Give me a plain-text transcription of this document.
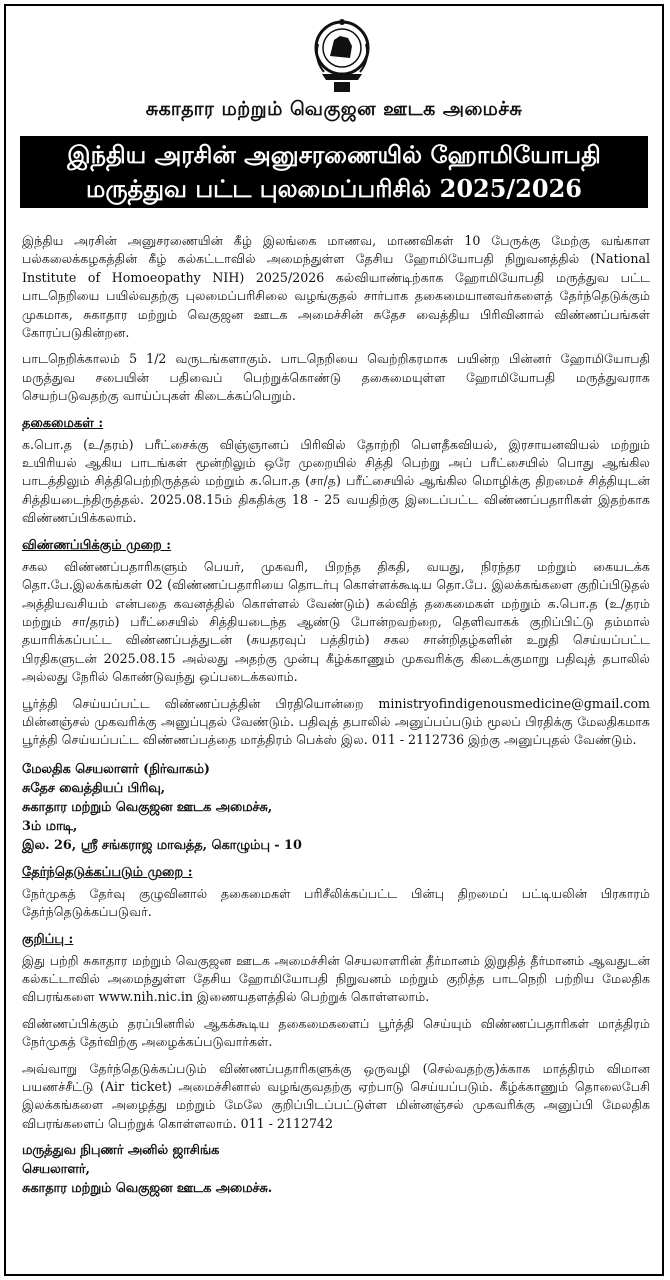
சுகாதார மற்றும் வெகுஜன ஊடக அமைச்சு
இந்திய அரசின் அனுசரணையில் ஹோமியோபதி
மருத்துவ பட்ட புலமைப்பரிசில் 2025/2026

இந்திய அரசின் அனுசரணையின் கீழ் இலங்கை மாணவ, மாணவிகள் 10 பேருக்கு மேற்கு வங்காள பல்கலைக்கழகத்தின் கீழ் கல்கட்டாவில் அமைந்துள்ள தேசிய ஹோமியோபதி நிறுவனத்தில் (National Institute of Homoeopathy NIH) 2025/2026 கல்வியாண்டிற்காக ஹோமியோபதி மருத்துவ பட்ட பாடநெறியை பயில்வதற்கு புலமைப்பரிசிலை வழங்குதல் சார்பாக தகைமையானவர்களைத் தேர்ந்தெடுக்கும் முகமாக, சுகாதார மற்றும் வெகுஜன ஊடக அமைச்சின் சுதேச வைத்திய பிரிவினால் விண்ணப்பங்கள் கோரப்படுகின்றன.

பாடநெறிக்காலம் 5 1/2 வருடங்களாகும். பாடநெறியை வெற்றிகரமாக பயின்ற பின்னர் ஹோமியோபதி மருத்துவ சபையின் பதிவைப் பெற்றுக்கொண்டு தகைமையுள்ள ஹோமியோபதி மருத்துவராக செயற்படுவதற்கு வாய்ப்புகள் கிடைக்கப்பெறும்.

தகைமைகள் :

க.பொ.த (உ/தரம்) பரீட்சைக்கு விஞ்ஞானப் பிரிவில் தோற்றி பௌதீகவியல், இரசாயனவியல் மற்றும் உயிரியல் ஆகிய பாடங்கள் மூன்றிலும் ஒரே முறையில் சித்தி பெற்று அப் பரீட்சையில் பொது ஆங்கில பாடத்திலும் சித்திபெற்றிருத்தல் மற்றும் க.பொ.த (சா/த) பரீட்சையில் ஆங்கில மொழிக்கு திறமைச் சித்தியுடன் சித்தியடைந்திருத்தல். 2025.08.15ம் திகதிக்கு 18 - 25 வயதிற்கு இடைப்பட்ட விண்ணப்பதாரிகள் இதற்காக விண்ணப்பிக்கலாம்.

விண்ணப்பிக்கும் முறை :

சகல விண்ணப்பதாரிகளும் பெயர், முகவரி, பிறந்த திகதி, வயது, நிரந்தர மற்றும் கையடக்க தொ.பே.இலக்கங்கள் 02 (விண்ணப்பதாரியை தொடர்பு கொள்ளக்கூடிய தொ.பே. இலக்கங்களை குறிப்பிடுதல் அத்தியவசியம் என்பதை கவனத்தில் கொள்ளல் வேண்டும்) கல்வித் தகைமைகள் மற்றும் க.பொ.த (உ/தரம் மற்றும் சா/தரம்) பரீட்சையில் சித்தியடைந்த ஆண்டு போன்றவற்றை, தெளிவாகக் குறிப்பிட்டு தம்மால் தயாரிக்கப்பட்ட விண்ணப்பத்துடன் (சுயதரவுப் பத்திரம்) சகல சான்றிதழ்களின் உறுதி செய்யப்பட்ட பிரதிகளுடன் 2025.08.15 அல்லது அதற்கு முன்பு கீழ்க்காணும் முகவரிக்கு கிடைக்குமாறு பதிவுத் தபாலில் அல்லது நேரில் கொண்டுவந்து ஒப்படைக்கலாம்.

பூர்த்தி செய்யப்பட்ட விண்ணப்பத்தின் பிரதியொன்றை ministryofindigenousmedicine@gmail.com மின்னஞ்சல் முகவரிக்கு அனுப்புதல் வேண்டும். பதிவுத் தபாலில் அனுப்பப்படும் மூலப் பிரதிக்கு மேலதிகமாக பூர்த்தி செய்யப்பட்ட விண்ணப்பத்தை மாத்திரம் பெக்ஸ் இல. 011 - 2112736 இற்கு அனுப்புதல் வேண்டும்.

மேலதிக செயலாளர் (நிர்வாகம்)
சுதேச வைத்தியப் பிரிவு,
சுகாதார மற்றும் வெகுஜன ஊடக அமைச்சு,
3ம் மாடி,
இல. 26, ஸ்ரீ சங்கராஜ மாவத்த, கொழும்பு - 10
தேர்ந்தெடுக்கப்படும் முறை :

நேர்முகத் தேர்வு குழுவினால் தகைமைகள் பரிசீலிக்கப்பட்ட பின்பு திறமைப் பட்டியலின் பிரகாரம் தேர்ந்தெடுக்கப்படுவர்.

குறிப்பு :

இது பற்றி சுகாதார மற்றும் வெகுஜன ஊடக அமைச்சின் செயலாளரின் தீர்மானம் இறுதித் தீர்மானம் ஆவதுடன் கல்கட்டாவில் அமைந்துள்ள தேசிய ஹோமியோபதி நிறுவனம் மற்றும் குறித்த பாடநெறி பற்றிய மேலதிக விபரங்களை www.nih.nic.in இணையதளத்தில் பெற்றுக் கொள்ளலாம்.

விண்ணப்பிக்கும் தரப்பினரில் ஆகக்கூடிய தகைமைகளைப் பூர்த்தி செய்யும் விண்ணப்பதாரிகள் மாத்திரம் நேர்முகத் தேர்விற்கு அழைக்கப்படுவார்கள்.

அவ்வாறு தேர்ந்தெடுக்கப்படும் விண்ணப்பதாரிகளுக்கு ஒருவழி (செல்வதற்கு)க்காக மாத்திரம் விமான பயணச்சீட்டு (Air ticket) அமைச்சினால் வழங்குவதற்கு ஏற்பாடு செய்யப்படும். கீழ்க்காணும் தொலைபேசி இலக்கங்களை அழைத்து மற்றும் மேலே குறிப்பிடப்பட்டுள்ள மின்னஞ்சல் முகவரிக்கு அனுப்பி மேலதிக விபரங்களைப் பெற்றுக் கொள்ளலாம். 011 - 2112742

மருத்துவ நிபுணர் அனில் ஜாசிங்க
செயலாளர்,
சுகாதார மற்றும் வெகுஜன ஊடக அமைச்சு.
